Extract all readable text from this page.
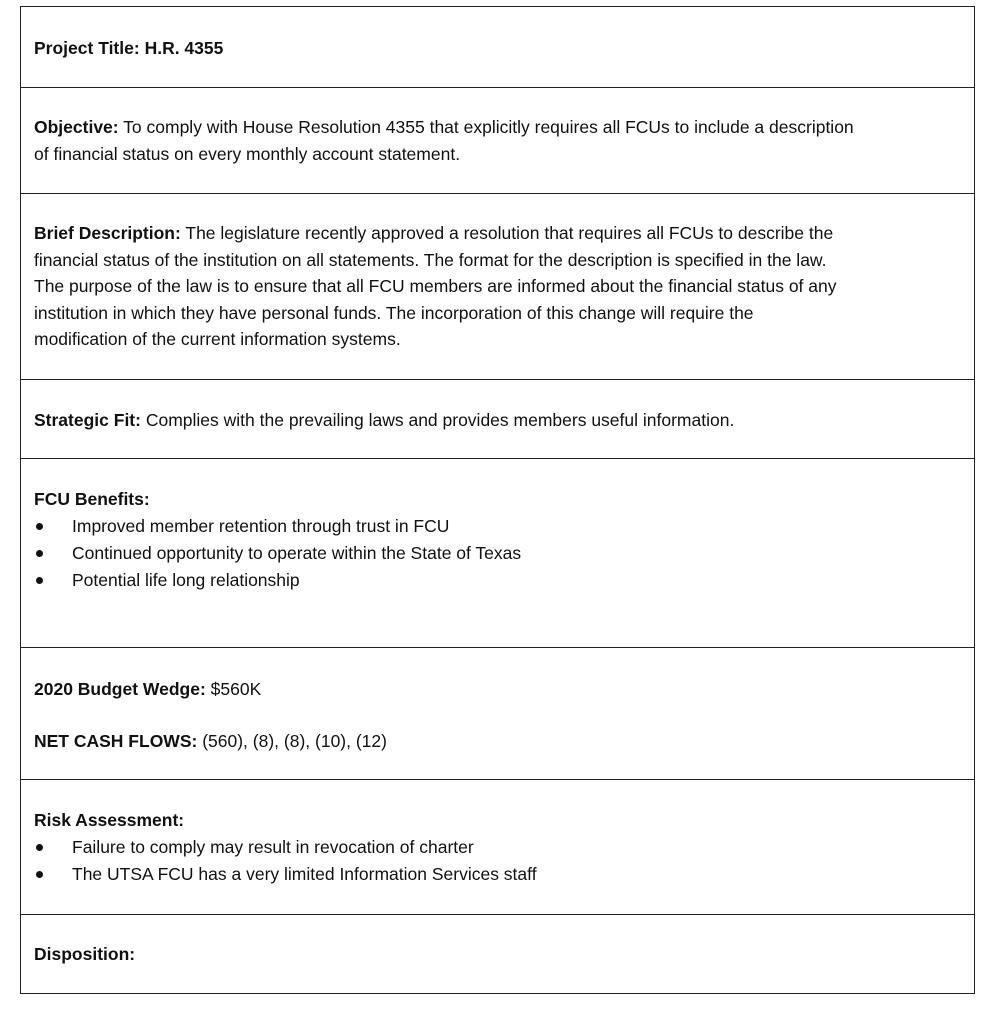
Project Title: H.R. 4355

Objective: To comply with House Resolution 4355 that explicitly requires all FCUs to include a description

of financial status on every monthly account statement.

Brief Description: The legislature recently approved a resolution that requires all FCUs to describe the

financial status of the institution on all statements. The format for the description is specified in the law.

The purpose of the law is to ensure that all FCU members are informed about the financial status of any

institution in which they have personal funds. The incorporation of this change will require the

modification of the current information systems.

Strategic Fit: Complies with the prevailing laws and provides members useful information.

FCU Benefits:

Improved member retention through trust in FCU
Continued opportunity to operate within the State of Texas
Potential life long relationship

2020 Budget Wedge: $560K

NET CASH FLOWS: (560), (8), (8), (10), (12)

Risk Assessment:

Failure to comply may result in revocation of charter
The UTSA FCU has a very limited Information Services staff

Disposition:
